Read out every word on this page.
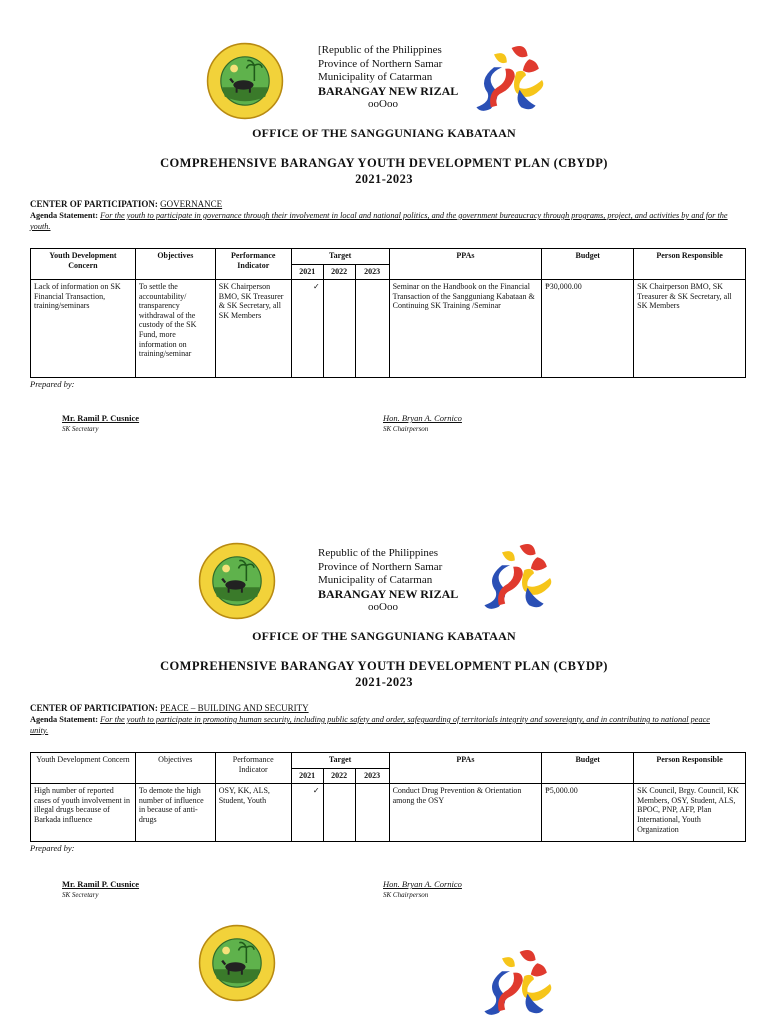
[Republic of the Philippines
Province of Northern Samar
Municipality of Catarman
BARANGAY NEW RIZAL
ooOoo
OFFICE OF THE SANGGUNIANG KABATAAN
COMPREHENSIVE BARANGAY YOUTH DEVELOPMENT PLAN (CBYDP)
2021-2023
CENTER OF PARTICIPATION: GOVERNANCE
Agenda Statement: For the youth to participate in governance through their involvement in local and national politics, and the government bureaucracy through programs, project, and activities by and for the youth.
Youth Development Concern	Objectives	Performance Indicator	Target			PPAs	Budget	Person Responsible
			2021	2022	2023			
Lack of information on SK Financial Transaction, training/seminars	To settle the accountability/ transparency withdrawal of the custody of the SK Fund, more information on training/seminar	SK Chairperson BMO, SK Treasurer & SK Secretary, all SK Members	✓			Seminar on the Handbook on the Financial Transaction of the Sangguniang Kabataan & Continuing SK Training /Seminar	₱30,000.00	SK Chairperson BMO, SK Treasurer & SK Secretary, all SK Members
Prepared by:
Mr. Ramil P. Cusnice
SK Secretary
Hon. Bryan A. Cornico
SK Chairperson
Republic of the Philippines
Province of Northern Samar
Municipality of Catarman
BARANGAY NEW RIZAL
ooOoo
OFFICE OF THE SANGGUNIANG KABATAAN
COMPREHENSIVE BARANGAY YOUTH DEVELOPMENT PLAN (CBYDP)
2021-2023
CENTER OF PARTICIPATION: PEACE – BUILDING AND SECURITY
Agenda Statement: For the youth to participate in promoting human security, including public safety and order, safeguarding of territorials integrity and sovereignty, and in contributing to national peace unity.
Youth Development Concern	Objectives	Performance Indicator	Target			PPAs	Budget	Person Responsible
			2021	2022	2023			
High number of reported cases of youth involvement in illegal drugs because of Barkada influence	To demote the high number of influence in because of anti-drugs	OSY, KK, ALS, Student, Youth	✓			Conduct Drug Prevention & Orientation among the OSY	₱5,000.00	SK Council, Brgy. Council, KK Members, OSY, Student, ALS, BPOC, PNP, AFP, Plan International, Youth Organization
Prepared by:
Mr. Ramil P. Cusnice
SK Secretary
Hon. Bryan A. Cornico
SK Chairperson
